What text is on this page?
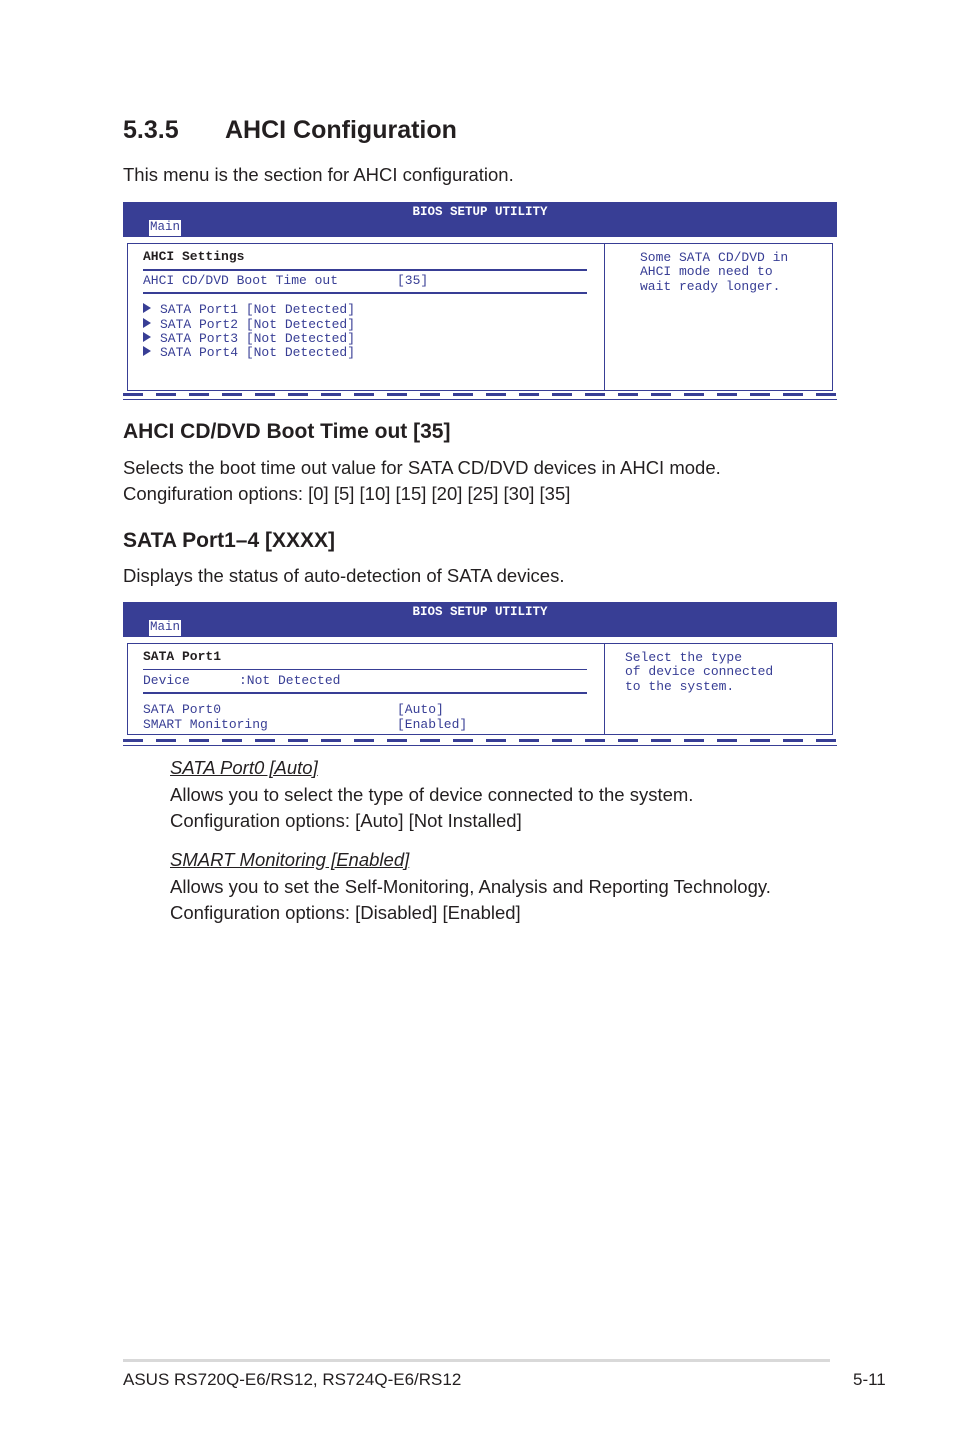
5.3.5 AHCI Configuration
This menu is the section for AHCI configuration.
BIOS SETUP UTILITY
Main
AHCI Settings
AHCI CD/DVD Boot Time out	[35]
SATA Port1 [Not Detected]
SATA Port2 [Not Detected]
SATA Port3 [Not Detected]
SATA Port4 [Not Detected]
Some SATA CD/DVD in
AHCI mode need to
wait ready longer.
AHCI CD/DVD Boot Time out [35]
Selects the boot time out value for SATA CD/DVD devices in AHCI mode.
Congifuration options: [0] [5] [10] [15] [20] [25] [30] [35]
SATA Port1–4 [XXXX]
Displays the status of auto-detection of SATA devices.
BIOS SETUP UTILITY
Main
SATA Port1
Device	:Not Detected
SATA Port0	[Auto]
SMART Monitoring	[Enabled]
Select the type
of device connected
to the system.
SATA Port0 [Auto]
Allows you to select the type of device connected to the system.
Configuration options: [Auto] [Not Installed]
SMART Monitoring [Enabled]
Allows you to set the Self-Monitoring, Analysis and Reporting Technology.
Configuration options: [Disabled] [Enabled]
ASUS RS720Q-E6/RS12, RS724Q-E6/RS12	5-11
